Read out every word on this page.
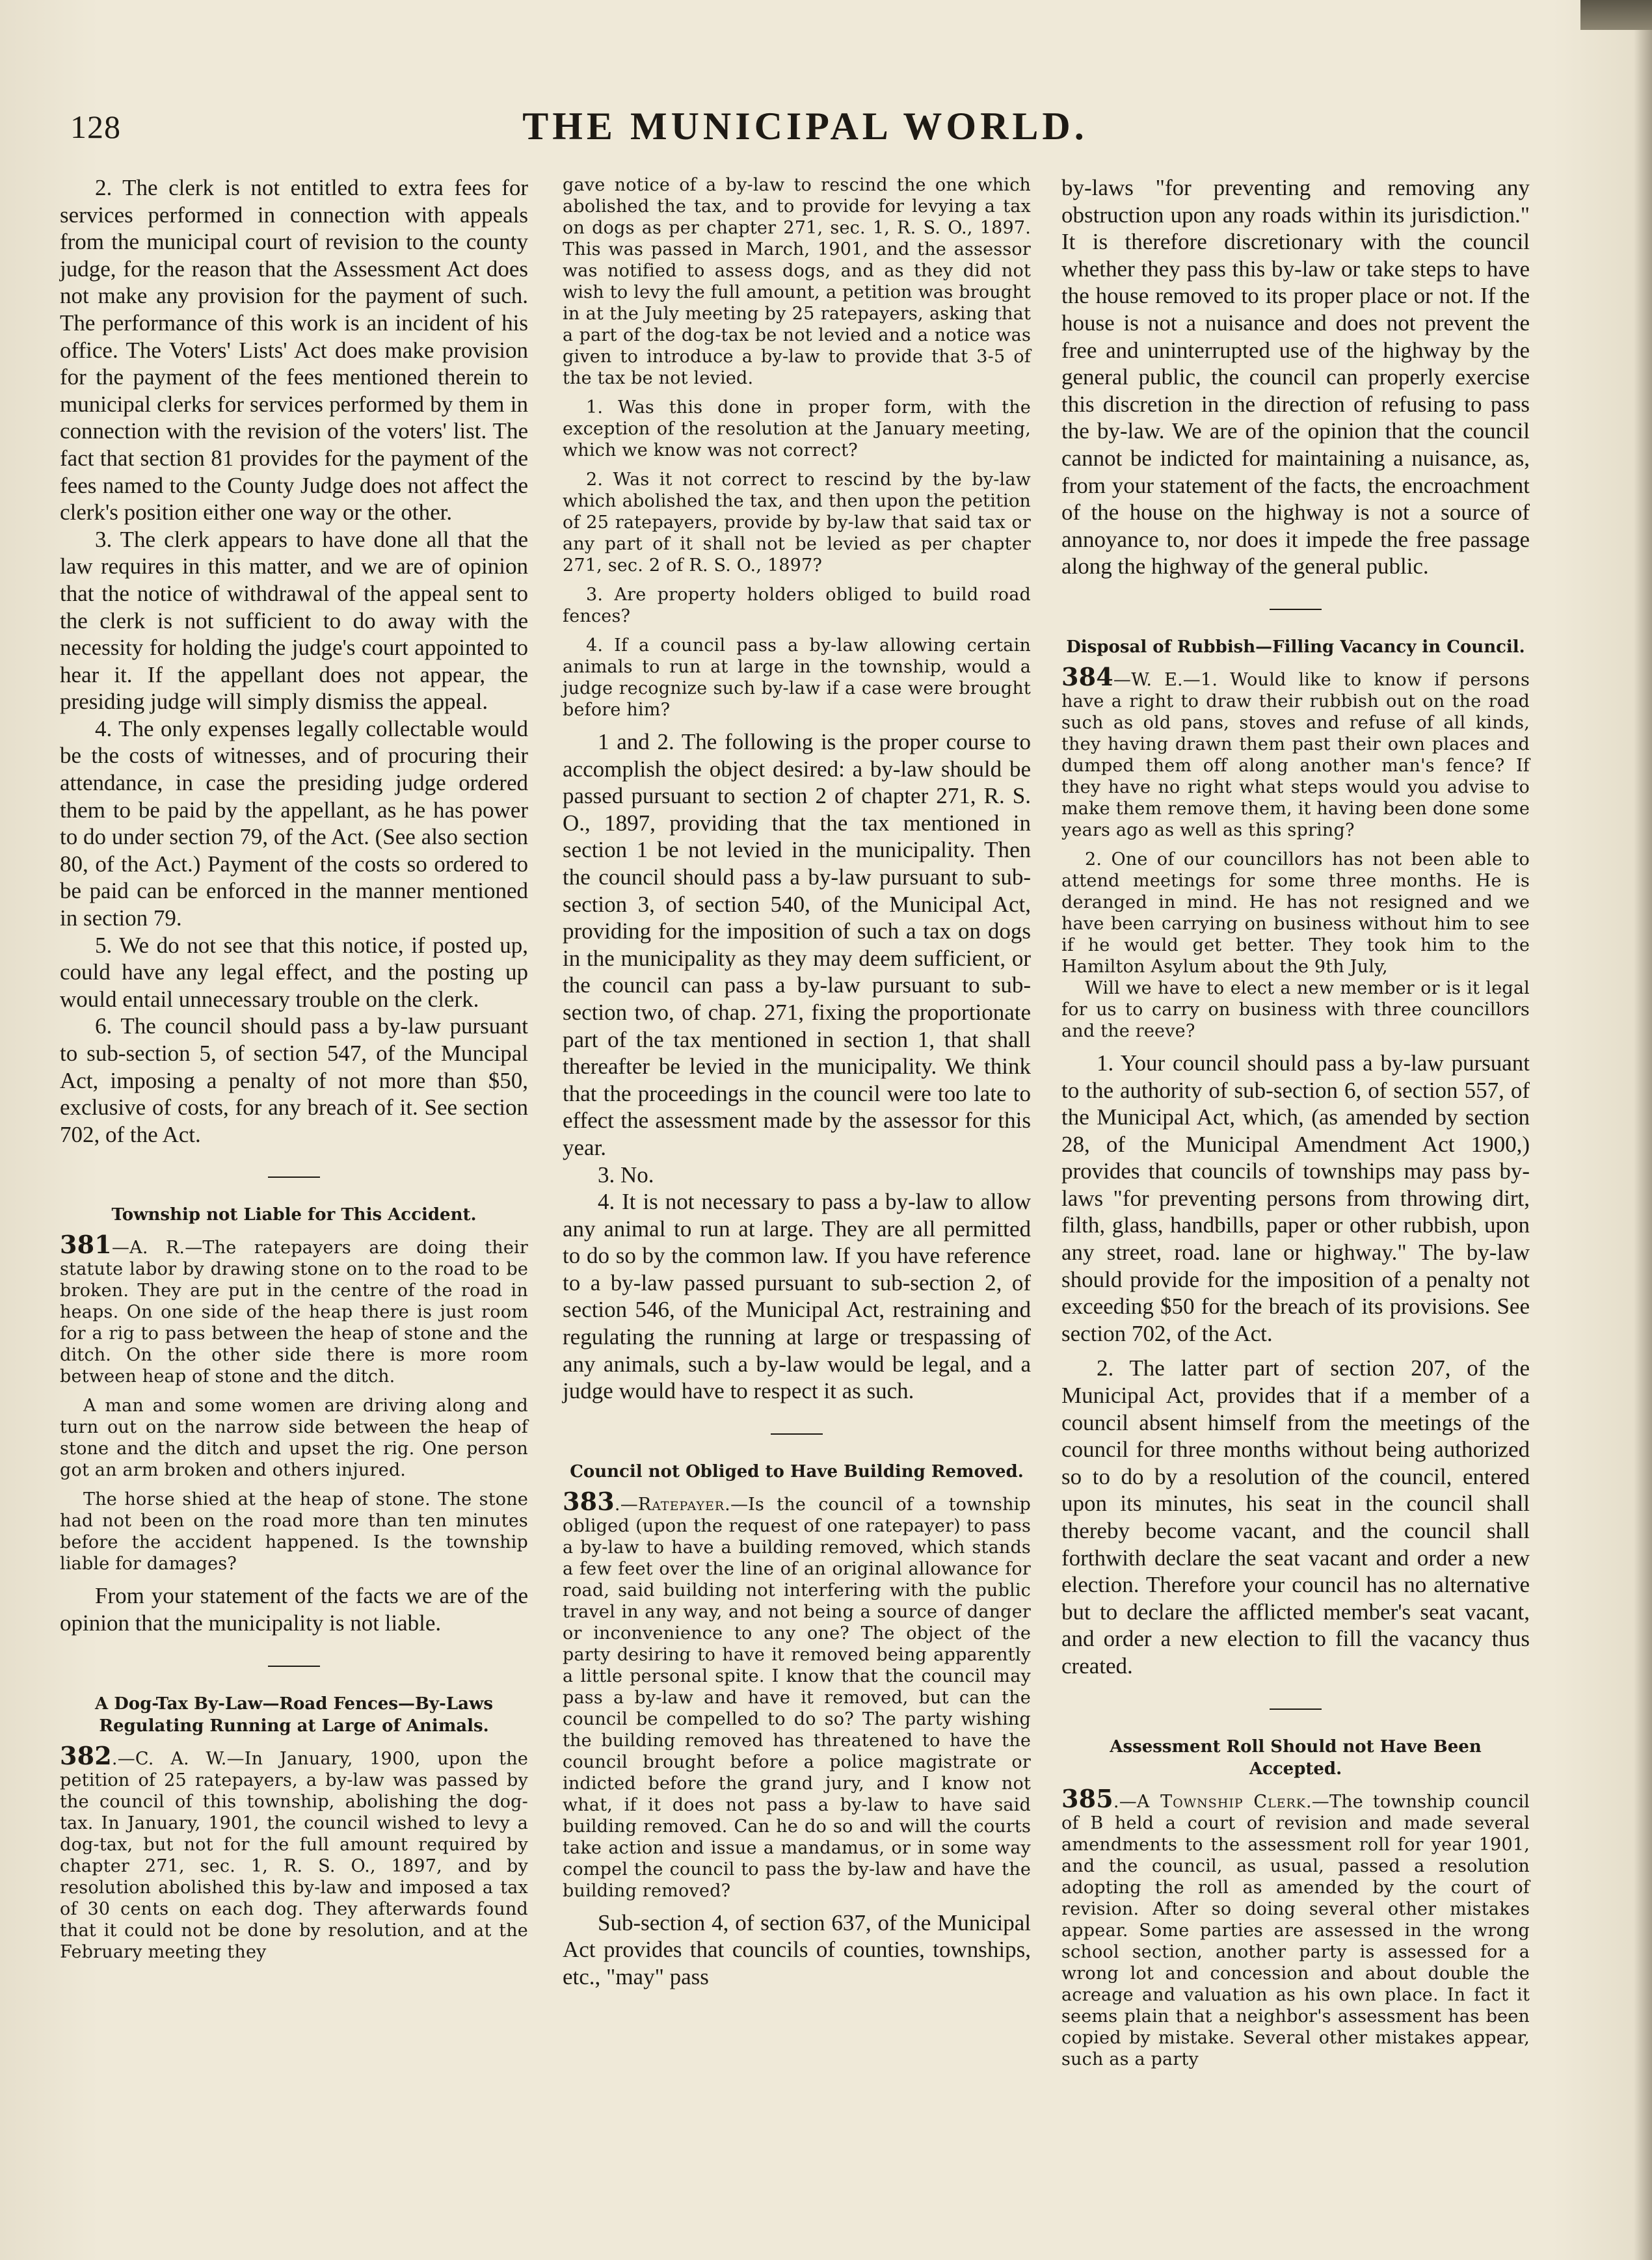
128	THE MUNICIPAL WORLD.

2. The clerk is not entitled to extra fees for services performed in connection with appeals from the municipal court of revision to the county judge, for the reason that the Assessment Act does not make any provision for the payment of such. The performance of this work is an incident of his office. The Voters' Lists' Act does make provision for the payment of the fees mentioned therein to municipal clerks for services performed by them in connection with the revision of the voters' list. The fact that section 81 provides for the payment of the fees named to the County Judge does not affect the clerk's position either one way or the other.

3. The clerk appears to have done all that the law requires in this matter, and we are of opinion that the notice of withdrawal of the appeal sent to the clerk is not sufficient to do away with the necessity for holding the judge's court appointed to hear it. If the appellant does not appear, the presiding judge will simply dismiss the appeal.

4. The only expenses legally collectable would be the costs of witnesses, and of procuring their attendance, in case the presiding judge ordered them to be paid by the appellant, as he has power to do under section 79, of the Act. (See also section 80, of the Act.) Payment of the costs so ordered to be paid can be enforced in the manner mentioned in section 79.

5. We do not see that this notice, if posted up, could have any legal effect, and the posting up would entail unnecessary trouble on the clerk.

6. The council should pass a by-law pursuant to sub-section 5, of section 547, of the Muncipal Act, imposing a penalty of not more than $50, exclusive of costs, for any breach of it. See section 702, of the Act.

Township not Liable for This Accident.

381—A. R.—The ratepayers are doing their statute labor by drawing stone on to the road to be broken. They are put in the centre of the road in heaps. On one side of the heap there is just room for a rig to pass between the heap of stone and the ditch. On the other side there is more room between heap of stone and the ditch.

A man and some women are driving along and turn out on the narrow side between the heap of stone and the ditch and upset the rig. One person got an arm broken and others injured.

The horse shied at the heap of stone. The stone had not been on the road more than ten minutes before the accident happened. Is the township liable for damages?

From your statement of the facts we are of the opinion that the municipality is not liable.

A Dog-Tax By-Law—Road Fences—By-Laws Regulating Running at Large of Animals.

382.—C. A. W.—In January, 1900, upon the petition of 25 ratepayers, a by-law was passed by the council of this township, abolishing the dog-tax. In January, 1901, the council wished to levy a dog-tax, but not for the full amount required by chapter 271, sec. 1, R. S. O., 1897, and by resolution abolished this by-law and imposed a tax of 30 cents on each dog. They afterwards found that it could not be done by resolution, and at the February meeting they

gave notice of a by-law to rescind the one which abolished the tax, and to provide for levying a tax on dogs as per chapter 271, sec. 1, R. S. O., 1897. This was passed in March, 1901, and the assessor was notified to assess dogs, and as they did not wish to levy the full amount, a petition was brought in at the July meeting by 25 ratepayers, asking that a part of the dog-tax be not levied and a notice was given to introduce a by-law to provide that 3-5 of the tax be not levied.

1. Was this done in proper form, with the exception of the resolution at the January meeting, which we know was not correct?

2. Was it not correct to rescind by the by-law which abolished the tax, and then upon the petition of 25 ratepayers, provide by by-law that said tax or any part of it shall not be levied as per chapter 271, sec. 2 of R. S. O., 1897?

3. Are property holders obliged to build road fences?

4. If a council pass a by-law allowing certain animals to run at large in the township, would a judge recognize such by-law if a case were brought before him?

1 and 2. The following is the proper course to accomplish the object desired: a by-law should be passed pursuant to section 2 of chapter 271, R. S. O., 1897, providing that the tax mentioned in section 1 be not levied in the municipality. Then the council should pass a by-law pursuant to sub-section 3, of section 540, of the Municipal Act, providing for the imposition of such a tax on dogs in the municipality as they may deem sufficient, or the council can pass a by-law pursuant to sub-section two, of chap. 271, fixing the proportionate part of the tax mentioned in section 1, that shall thereafter be levied in the municipality. We think that the proceedings in the council were too late to effect the assessment made by the assessor for this year.

3. No.

4. It is not necessary to pass a by-law to allow any animal to run at large. They are all permitted to do so by the common law. If you have reference to a by-law passed pursuant to sub-section 2, of section 546, of the Municipal Act, restraining and regulating the running at large or trespassing of any animals, such a by-law would be legal, and a judge would have to respect it as such.

Council not Obliged to Have Building Removed.

383.—Ratepayer.—Is the council of a township obliged (upon the request of one ratepayer) to pass a by-law to have a building removed, which stands a few feet over the line of an original allowance for road, said building not interfering with the public travel in any way, and not being a source of danger or inconvenience to any one? The object of the party desiring to have it removed being apparently a little personal spite. I know that the council may pass a by-law and have it removed, but can the council be compelled to do so? The party wishing the building removed has threatened to have the council brought before a police magistrate or indicted before the grand jury, and I know not what, if it does not pass a by-law to have said building removed. Can he do so and will the courts take action and issue a mandamus, or in some way compel the council to pass the by-law and have the building removed?

Sub-section 4, of section 637, of the Municipal Act provides that councils of counties, townships, etc., "may" pass

by-laws "for preventing and removing any obstruction upon any roads within its jurisdiction." It is therefore discretionary with the council whether they pass this by-law or take steps to have the house removed to its proper place or not. If the house is not a nuisance and does not prevent the free and uninterrupted use of the highway by the general public, the council can properly exercise this discretion in the direction of refusing to pass the by-law. We are of the opinion that the council cannot be indicted for maintaining a nuisance, as, from your statement of the facts, the encroachment of the house on the highway is not a source of annoyance to, nor does it impede the free passage along the highway of the general public.

Disposal of Rubbish—Filling Vacancy in Council.

384—W. E.—1. Would like to know if persons have a right to draw their rubbish out on the road such as old pans, stoves and refuse of all kinds, they having drawn them past their own places and dumped them off along another man's fence? If they have no right what steps would you advise to make them remove them, it having been done some years ago as well as this spring?

2. One of our councillors has not been able to attend meetings for some three months. He is deranged in mind. He has not resigned and we have been carrying on business without him to see if he would get better. They took him to the Hamilton Asylum about the 9th July,

Will we have to elect a new member or is it legal for us to carry on business with three councillors and the reeve?

1. Your council should pass a by-law pursuant to the authority of sub-section 6, of section 557, of the Municipal Act, which, (as amended by section 28, of the Municipal Amendment Act 1900,) provides that councils of townships may pass by-laws "for preventing persons from throwing dirt, filth, glass, handbills, paper or other rubbish, upon any street, road. lane or highway." The by-law should provide for the imposition of a penalty not exceeding $50 for the breach of its provisions. See section 702, of the Act.

2. The latter part of section 207, of the Municipal Act, provides that if a member of a council absent himself from the meetings of the council for three months without being authorized so to do by a resolution of the council, entered upon its minutes, his seat in the council shall thereby become vacant, and the council shall forthwith declare the seat vacant and order a new election. Therefore your council has no alternative but to declare the afflicted member's seat vacant, and order a new election to fill the vacancy thus created.

Assessment Roll Should not Have Been Accepted.

385.—A Township Clerk.—The township council of B held a court of revision and made several amendments to the assessment roll for year 1901, and the council, as usual, passed a resolution adopting the roll as amended by the court of revision. After so doing several other mistakes appear. Some parties are assessed in the wrong school section, another party is assessed for a wrong lot and concession and about double the acreage and valuation as his own place. In fact it seems plain that a neighbor's assessment has been copied by mistake. Several other mistakes appear, such as a party
